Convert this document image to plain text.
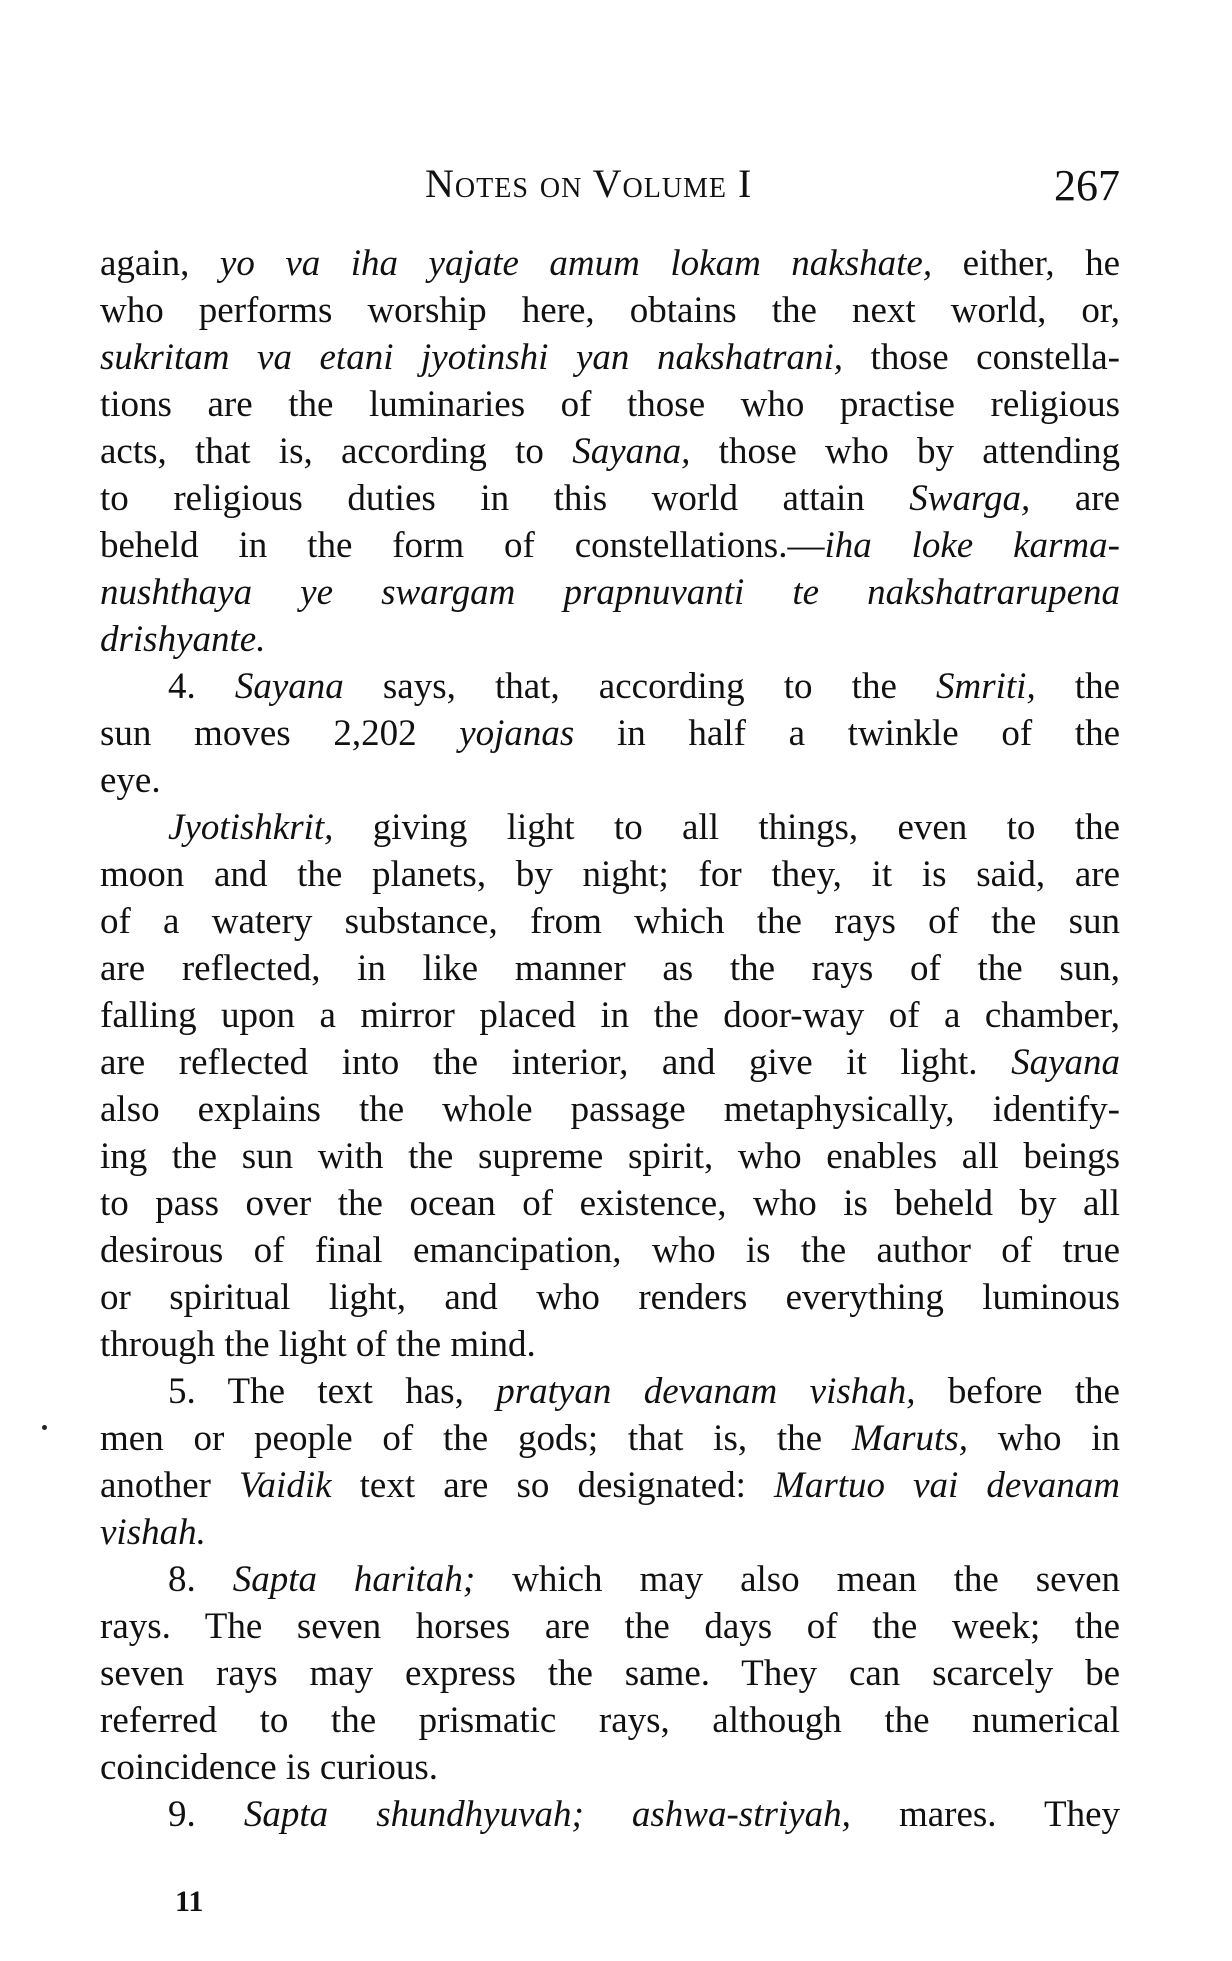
Notes on Volume I	267
again, yo va iha yajate amum lokam nakshate, either, he
who performs worship here, obtains the next world, or,
sukritam va etani jyotinshi yan nakshatrani, those constella-
tions are the luminaries of those who practise religious
acts, that is, according to Sayana, those who by attending
to religious duties in this world attain Swarga, are
beheld in the form of constellations.—iha loke karma-
nushthaya ye swargam prapnuvanti te nakshatrarupena
drishyante.
4. Sayana says, that, according to the Smriti, the
sun moves 2,202 yojanas in half a twinkle of the
eye.
Jyotishkrit, giving light to all things, even to the
moon and the planets, by night; for they, it is said, are
of a watery substance, from which the rays of the sun
are reflected, in like manner as the rays of the sun,
falling upon a mirror placed in the door-way of a chamber,
are reflected into the interior, and give it light. Sayana
also explains the whole passage metaphysically, identify-
ing the sun with the supreme spirit, who enables all beings
to pass over the ocean of existence, who is beheld by all
desirous of final emancipation, who is the author of true
or spiritual light, and who renders everything luminous
through the light of the mind.
5. The text has, pratyan devanam vishah, before the
men or people of the gods; that is, the Maruts, who in
another Vaidik text are so designated: Martuo vai devanam
vishah.
8. Sapta haritah; which may also mean the seven
rays. The seven horses are the days of the week; the
seven rays may express the same. They can scarcely be
referred to the prismatic rays, although the numerical
coincidence is curious.
9. Sapta shundhyuvah; ashwa-striyah, mares. They
11
